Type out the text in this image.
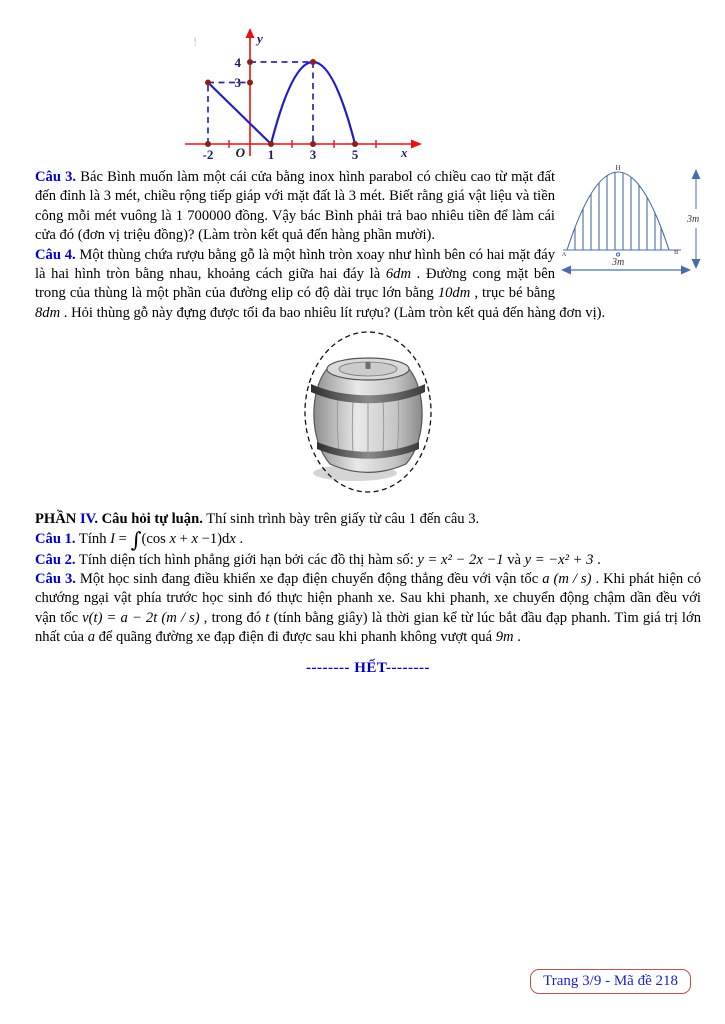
!
4
3
-2	1	3	5
O
y
x
H
A	B
3m
3m

Câu 3. Bác Bình muốn làm một cái cửa bằng inox hình parabol có chiều cao từ mặt đất đến đỉnh là 3 mét, chiều rộng tiếp giáp với mặt đất là 3 mét. Biết rằng giá vật liệu và tiền công mỗi mét vuông là 1 700000 đồng. Vậy bác Bình phải trả bao nhiêu tiền để làm cái cửa đó (đơn vị triệu đồng)? (Làm tròn kết quả đến hàng phần mười).

Câu 4. Một thùng chứa rượu bằng gỗ là một hình tròn xoay như hình bên có hai mặt đáy là hai hình tròn bằng nhau, khoảng cách giữa hai đáy là 6dm . Đường cong mặt bên trong của thùng là một phần của đường elip có độ dài trục lớn bằng 10dm , trục bé bằng 8dm . Hỏi thùng gỗ này đựng được tối đa bao nhiêu lít rượu? (Làm tròn kết quả đến hàng đơn vị).

PHẦN IV. Câu hỏi tự luận. Thí sinh trình bày trên giấy từ câu 1 đến câu 3.

Câu 1. Tính I = ∫(cos x + x −1)dx .

Câu 2. Tính diện tích hình phẳng giới hạn bởi các đồ thị hàm số: y = x² − 2x −1 và y = −x² + 3 .

Câu 3. Một học sinh đang điều khiển xe đạp điện chuyển động thẳng đều với vận tốc a (m / s) . Khi phát hiện có chướng ngại vật phía trước học sinh đó thực hiện phanh xe. Sau khi phanh, xe chuyển động chậm dần đều với vận tốc v(t) = a − 2t (m / s) , trong đó t (tính bằng giây) là thời gian kể từ lúc bắt đầu đạp phanh. Tìm giá trị lớn nhất của a để quãng đường xe đạp điện đi được sau khi phanh không vượt quá 9m .

-------- HẾT--------
Trang 3/9 - Mã đề 218
